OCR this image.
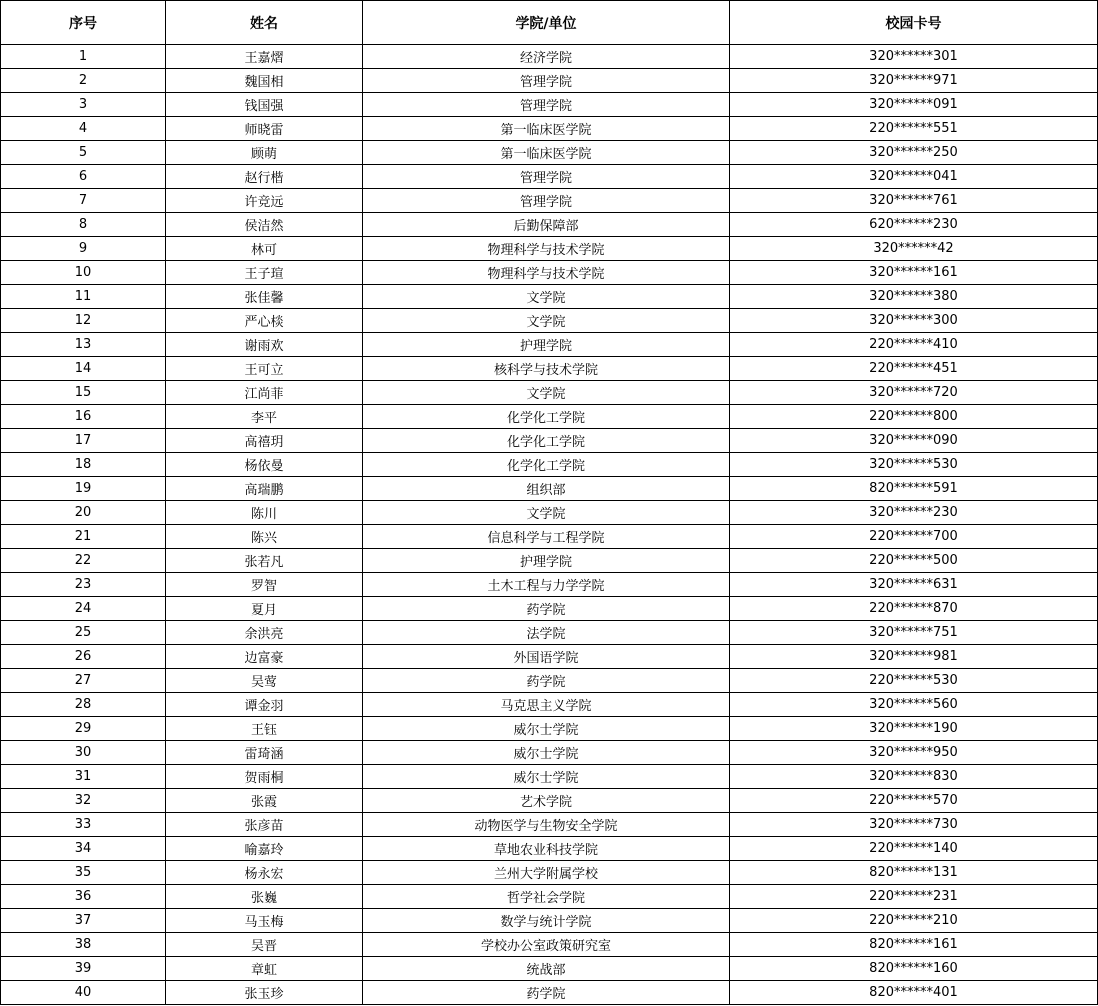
序号	姓名	学院/单位	校园卡号
1	王嘉熠	经济学院	320******301
2	魏国相	管理学院	320******971
3	钱国强	管理学院	320******091
4	师晓雷	第一临床医学院	220******551
5	顾萌	第一临床医学院	320******250
6	赵行楷	管理学院	320******041
7	许竞远	管理学院	320******761
8	侯洁然	后勤保障部	620******230
9	林可	物理科学与技术学院	320******42
10	王子瑄	物理科学与技术学院	320******161
11	张佳馨	文学院	320******380
12	严心棪	文学院	320******300
13	谢雨欢	护理学院	220******410
14	王可立	核科学与技术学院	220******451
15	江尚菲	文学院	320******720
16	李平	化学化工学院	220******800
17	高禧玥	化学化工学院	320******090
18	杨依曼	化学化工学院	320******530
19	高瑞鹏	组织部	820******591
20	陈川	文学院	320******230
21	陈兴	信息科学与工程学院	220******700
22	张若凡	护理学院	220******500
23	罗智	土木工程与力学学院	320******631
24	夏月	药学院	220******870
25	余洪亮	法学院	320******751
26	边富豪	外国语学院	320******981
27	吴莺	药学院	220******530
28	谭金羽	马克思主义学院	320******560
29	王钰	威尔士学院	320******190
30	雷琦涵	威尔士学院	320******950
31	贺雨桐	威尔士学院	320******830
32	张霞	艺术学院	220******570
33	张彦苗	动物医学与生物安全学院	320******730
34	喻嘉玲	草地农业科技学院	220******140
35	杨永宏	兰州大学附属学校	820******131
36	张巍	哲学社会学院	220******231
37	马玉梅	数学与统计学院	220******210
38	吴晋	学校办公室政策研究室	820******161
39	章虹	统战部	820******160
40	张玉珍	药学院	820******401
